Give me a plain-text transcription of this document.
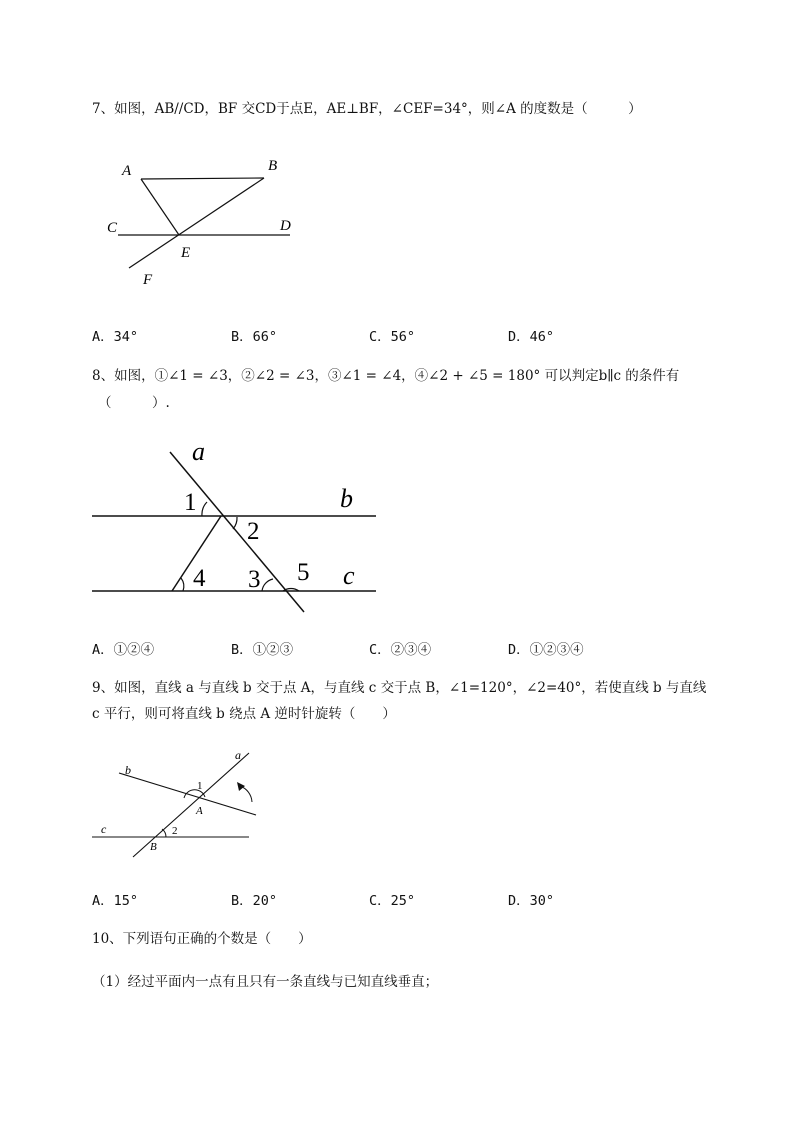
7、如图，AB//CD，BF 交CD于点E，AE⊥BF，∠CEF=34°，则∠A 的度数是（　　　）
A	B
C	D
E
F
A．34°	B．66°	C．56°	D．46°
8、如图，①∠1 = ∠3，②∠2 = ∠3，③∠1 = ∠4，④∠2 + ∠5 = 180° 可以判定b∥c 的条件有
（　　　）.
a
b
c
1
2
3
4	5
A．①②④	B．①②③	C．②③④	D．①②③④
9、如图，直线 a 与直线 b 交于点 A，与直线 c 交于点 B，∠1=120°，∠2=40°，若使直线 b 与直线
c 平行，则可将直线 b 绕点 A 逆时针旋转（　　）
b
a
c
A
B
1
2
A．15°	B．20°	C．25°	D．30°
10、下列语句正确的个数是（　　）
（1）经过平面内一点有且只有一条直线与已知直线垂直；
